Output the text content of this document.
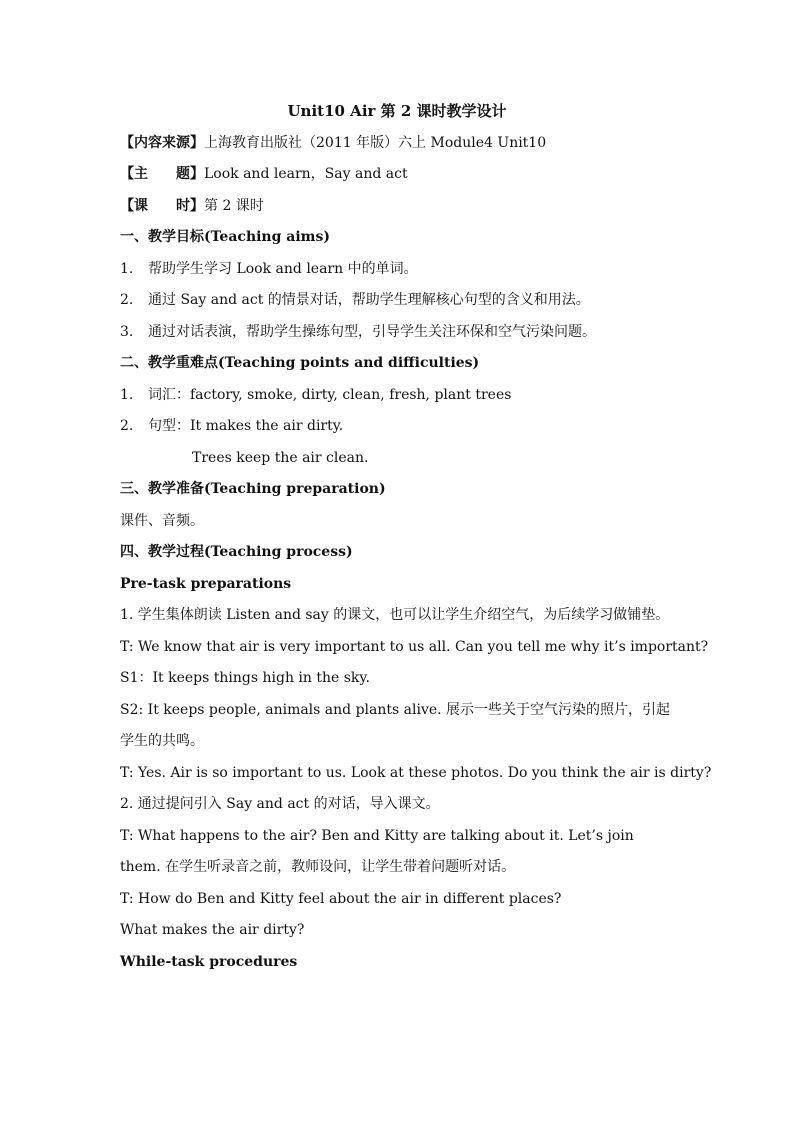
Unit10 Air 第 2 课时教学设计

【内容来源】上海教育出版社（2011 年版）六上 Module4 Unit10

【主　　题】Look and learn，Say and act

【课　　时】第 2 课时

一、教学目标(Teaching aims)

1. 帮助学生学习 Look and learn 中的单词。

2. 通过 Say and act 的情景对话，帮助学生理解核心句型的含义和用法。

3. 通过对话表演，帮助学生操练句型，引导学生关注环保和空气污染问题。

二、教学重难点(Teaching points and difficulties)

1. 词汇：factory, smoke, dirty, clean, fresh, plant trees

2. 句型：It makes the air dirty.

Trees keep the air clean.

三、教学准备(Teaching preparation)

课件、音频。

四、教学过程(Teaching process)

Pre-task preparations

1. 学生集体朗读 Listen and say 的课文，也可以让学生介绍空气，为后续学习做铺垫。

T: We know that air is very important to us all. Can you tell me why it’s important?

S1：It keeps things high in the sky.

S2: It keeps people, animals and plants alive. 展示一些关于空气污染的照片，引起学生的共鸣。

T: Yes. Air is so important to us. Look at these photos. Do you think the air is dirty?

2. 通过提问引入 Say and act 的对话，导入课文。

T: What happens to the air? Ben and Kitty are talking about it. Let’s join them. 在学生听录音之前，教师设问，让学生带着问题听对话。

T: How do Ben and Kitty feel about the air in different places?

What makes the air dirty?

While-task procedures
